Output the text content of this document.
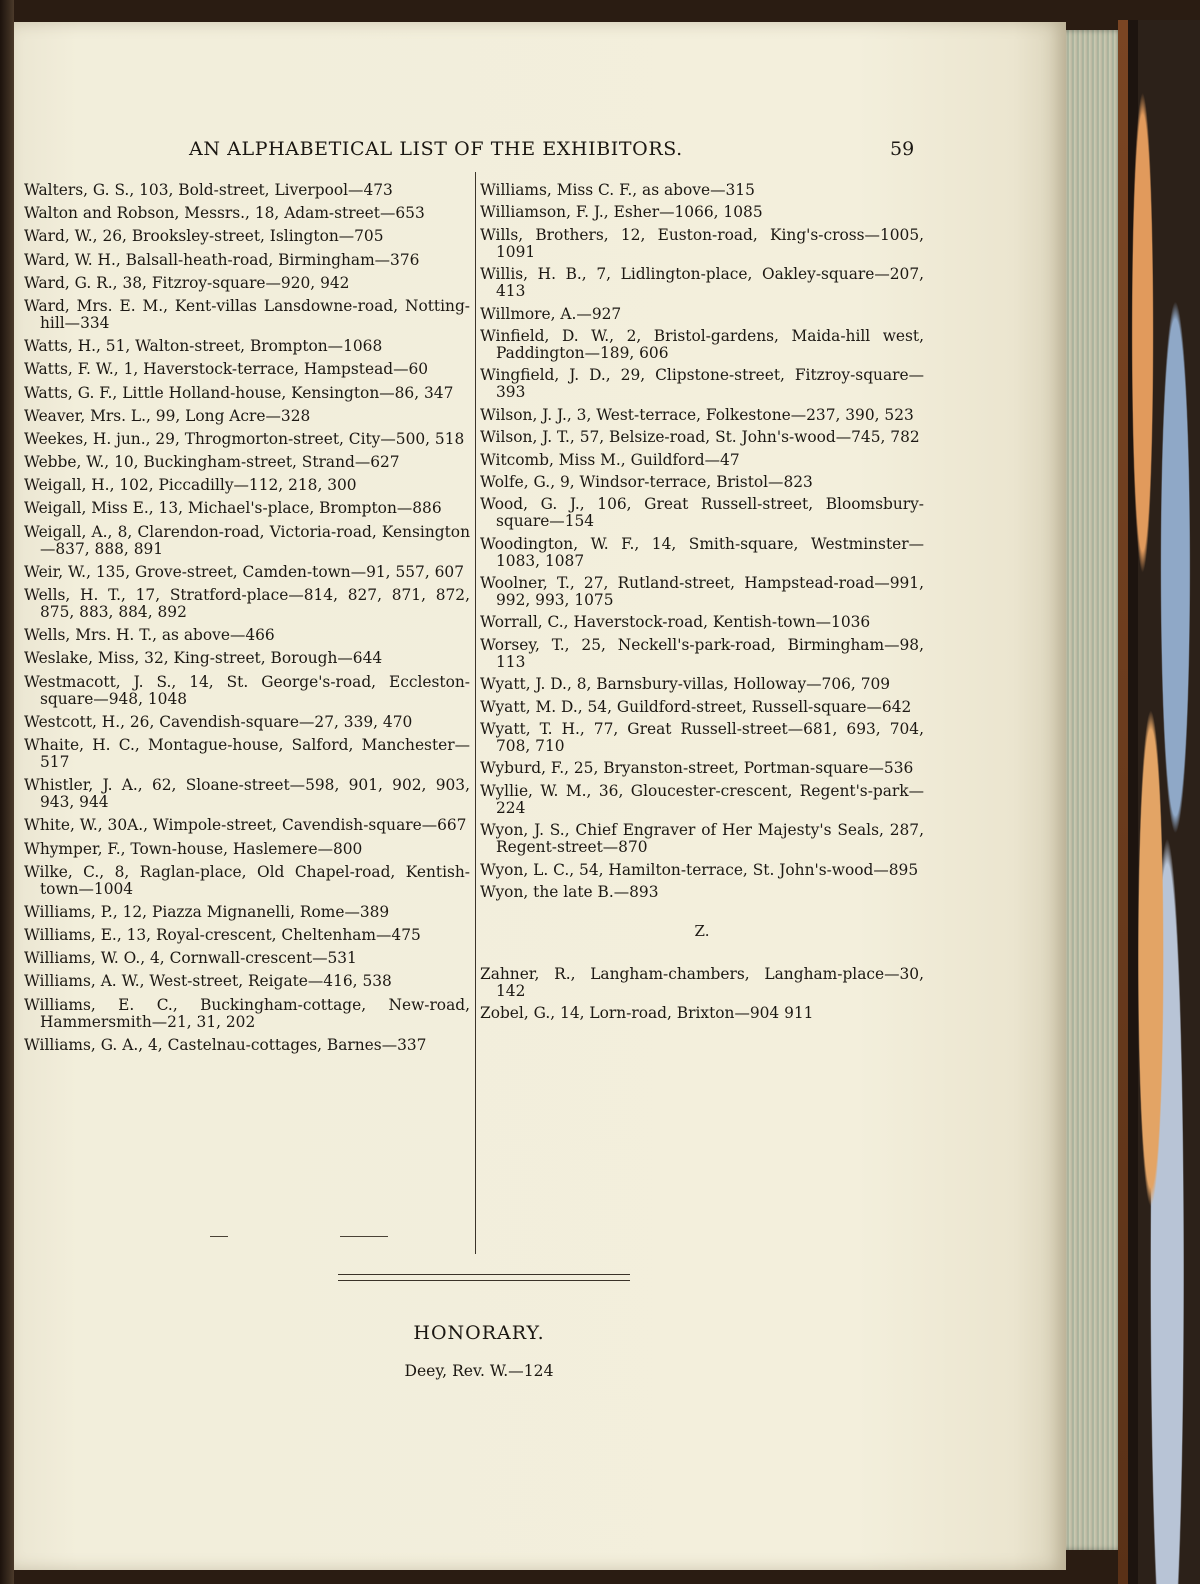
AN ALPHABETICAL LIST OF THE EXHIBITORS.	59
Walters, G. S., 103, Bold-street, Liverpool—473
Walton and Robson, Messrs., 18, Adam-street—653
Ward, W., 26, Brooksley-street, Islington—705
Ward, W. H., Balsall-heath-road, Birmingham—376
Ward, G. R., 38, Fitzroy-square—920, 942
Ward, Mrs. E. M., Kent-villas Lansdowne-road, Notting-hill—334
Watts, H., 51, Walton-street, Brompton—1068
Watts, F. W., 1, Haverstock-terrace, Hampstead—60
Watts, G. F., Little Holland-house, Kensington—86, 347
Weaver, Mrs. L., 99, Long Acre—328
Weekes, H. jun., 29, Throgmorton-street, City—500, 518
Webbe, W., 10, Buckingham-street, Strand—627
Weigall, H., 102, Piccadilly—112, 218, 300
Weigall, Miss E., 13, Michael's-place, Brompton—886
Weigall, A., 8, Clarendon-road, Victoria-road, Kensington—837, 888, 891
Weir, W., 135, Grove-street, Camden-town—91, 557, 607
Wells, H. T., 17, Stratford-place—814, 827, 871, 872, 875, 883, 884, 892
Wells, Mrs. H. T., as above—466
Weslake, Miss, 32, King-street, Borough—644
Westmacott, J. S., 14, St. George's-road, Eccleston-square—948, 1048
Westcott, H., 26, Cavendish-square—27, 339, 470
Whaite, H. C., Montague-house, Salford, Manchester—517
Whistler, J. A., 62, Sloane-street—598, 901, 902, 903, 943, 944
White, W., 30A., Wimpole-street, Cavendish-square—667
Whymper, F., Town-house, Haslemere—800
Wilke, C., 8, Raglan-place, Old Chapel-road, Kentish-town—1004
Williams, P., 12, Piazza Mignanelli, Rome—389
Williams, E., 13, Royal-crescent, Cheltenham—475
Williams, W. O., 4, Cornwall-crescent—531
Williams, A. W., West-street, Reigate—416, 538
Williams, E. C., Buckingham-cottage, New-road, Hammersmith—21, 31, 202
Williams, G. A., 4, Castelnau-cottages, Barnes—337
Williams, Miss C. F., as above—315
Williamson, F. J., Esher—1066, 1085
Wills, Brothers, 12, Euston-road, King's-cross—1005, 1091
Willis, H. B., 7, Lidlington-place, Oakley-square—207, 413
Willmore, A.—927
Winfield, D. W., 2, Bristol-gardens, Maida-hill west, Paddington—189, 606
Wingfield, J. D., 29, Clipstone-street, Fitzroy-square—393
Wilson, J. J., 3, West-terrace, Folkestone—237, 390, 523
Wilson, J. T., 57, Belsize-road, St. John's-wood—745, 782
Witcomb, Miss M., Guildford—47
Wolfe, G., 9, Windsor-terrace, Bristol—823
Wood, G. J., 106, Great Russell-street, Bloomsbury-square—154
Woodington, W. F., 14, Smith-square, Westminster—1083, 1087
Woolner, T., 27, Rutland-street, Hampstead-road—991, 992, 993, 1075
Worrall, C., Haverstock-road, Kentish-town—1036
Worsey, T., 25, Neckell's-park-road, Birmingham—98, 113
Wyatt, J. D., 8, Barnsbury-villas, Holloway—706, 709
Wyatt, M. D., 54, Guildford-street, Russell-square—642
Wyatt, T. H., 77, Great Russell-street—681, 693, 704, 708, 710
Wyburd, F., 25, Bryanston-street, Portman-square—536
Wyllie, W. M., 36, Gloucester-crescent, Regent's-park—224
Wyon, J. S., Chief Engraver of Her Majesty's Seals, 287, Regent-street—870
Wyon, L. C., 54, Hamilton-terrace, St. John's-wood—895
Wyon, the late B.—893
Z.
Zahner, R., Langham-chambers, Langham-place—30, 142
Zobel, G., 14, Lorn-road, Brixton—904 911
HONORARY.
Deey, Rev. W.—124
